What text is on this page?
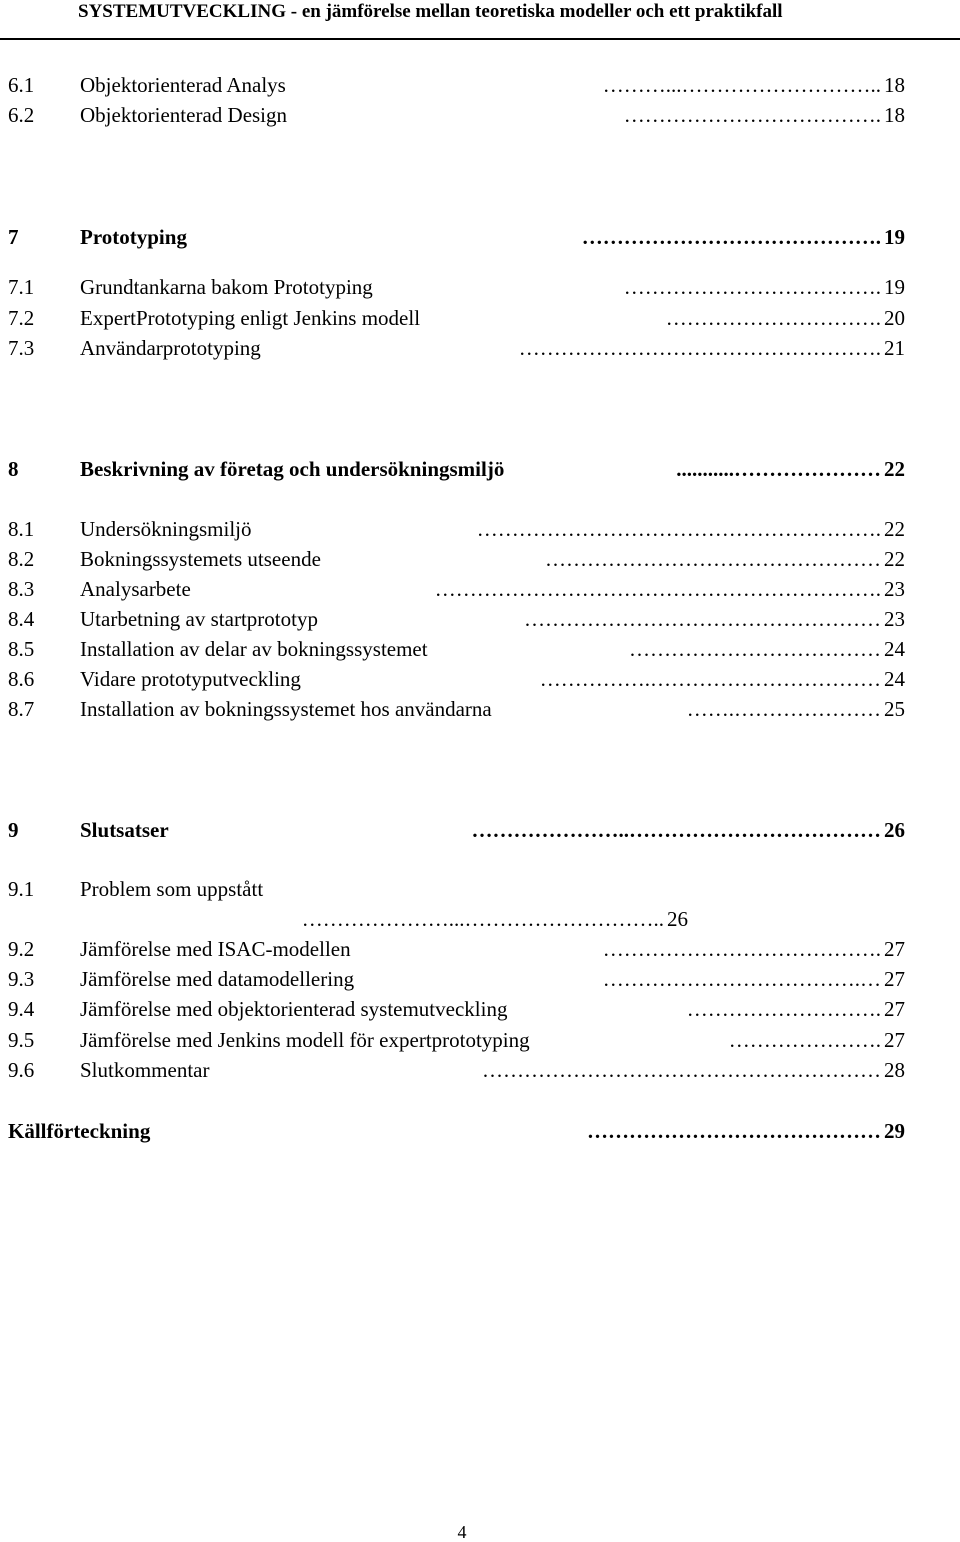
SYSTEMUTVECKLING - en jämförelse mellan teoretiska modeller och ett praktikfall
6.1 Objektorienterad Analys	18
………...………………………..
6.2 Objektorienterad Design	18
……………………………….
7	Prototyping	19
…………………………………….
7.1 Grundtankarna bakom Prototyping	19
……………………………….
7.2 ExpertPrototyping enligt Jenkins modell	20
………………………….
7.3 Användarprototyping	21
…………………………………………….
8	Beskrivning av företag och undersökningsmiljö	22
...........…………………
8.1 Undersökningsmiljö	22
………………………………………………….
8.2 Bokningssystemets utseende	22
…………………………………………
8.3 Analysarbete	23
……………………………………………………….
8.4 Utarbetning av startprototyp	23
……………………………………………
8.5 Installation av delar av bokningssystemet	24
………………………………
8.6 Vidare prototyputveckling	24
…………….……………………………
8.7 Installation av bokningssystemet hos användarna	25
…….…………………
9	Slutsatser	26
…………………..………………………………
9.1 Problem som uppstått
26
…………………...………………………..
9.2 Jämförelse med ISAC-modellen	27
………………………………….
9.3 Jämförelse med datamodellering	27
……………………………….…
9.4 Jämförelse med objektorienterad systemutveckling	27
……………………….
9.5 Jämförelse med Jenkins modell för expertprototyping	27
………………….
9.6 Slutkommentar	28
…………………………………………………
Källförteckning	29
……………………………………
4
